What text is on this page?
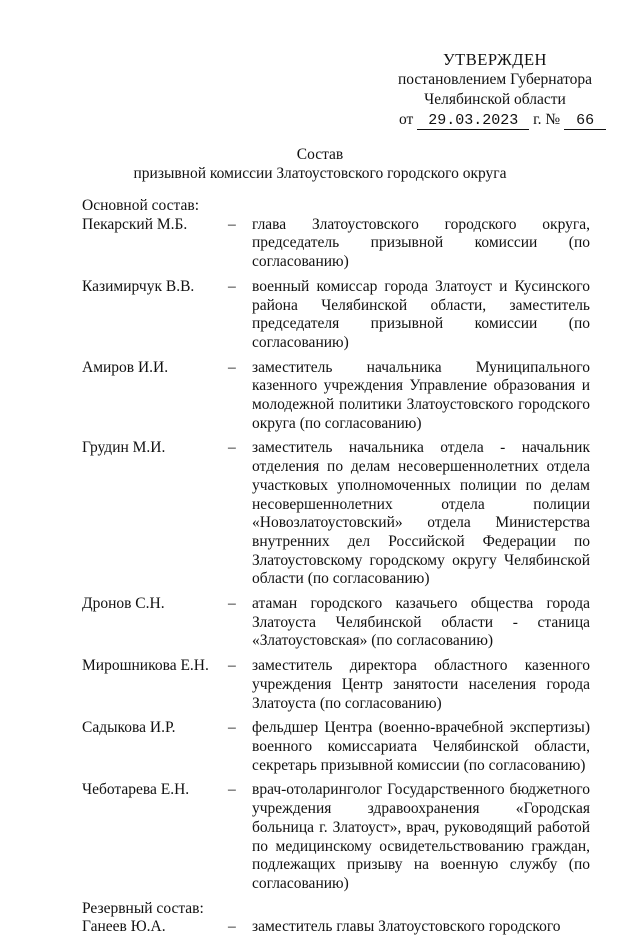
УТВЕРЖДЕН
постановлением Губернатора
Челябинской области
от 29.03.2023 г. № 66
Состав
призывной комиссии Златоустовского городского округа
Основной состав:
Пекарский М.Б.	–	глава Златоустовского городского округа, председатель призывной комиссии (по согласованию)
Казимирчук В.В.	–	военный комиссар города Златоуст и Кусинского района Челябинской области, заместитель председателя призывной комиссии (по согласованию)
Амиров И.И.	–	заместитель начальника Муниципального казенного учреждения Управление образования и молодежной политики Златоустовского городского округа (по согласованию)
Грудин М.И.	–	заместитель начальника отдела - начальник отделения по делам несовершеннолетних отдела участковых уполномоченных полиции по делам несовершеннолетних отдела полиции «Новозлатоустовский» отдела Министерства внутренних дел Российской Федерации по Златоустовскому городскому округу Челябинской области (по согласованию)
Дронов С.Н.	–	атаман городского казачьего общества города Златоуста Челябинской области - станица «Златоустовская» (по согласованию)
Мирошникова Е.Н.	–	заместитель директора областного казенного учреждения Центр занятости населения города Златоуста (по согласованию)
Садыкова И.Р.	–	фельдшер Центра (военно-врачебной экспертизы) военного комиссариата Челябинской области, секретарь призывной комиссии (по согласованию)
Чеботарева Е.Н.	–	врач-отоларинголог Государственного бюджетного учреждения здравоохранения «Городская больница г. Златоуст», врач, руководящий работой по медицинскому освидетельствованию граждан, подлежащих призыву на военную службу (по согласованию)
Резервный состав:
Ганеев Ю.А.	–	заместитель главы Златоустовского городского
